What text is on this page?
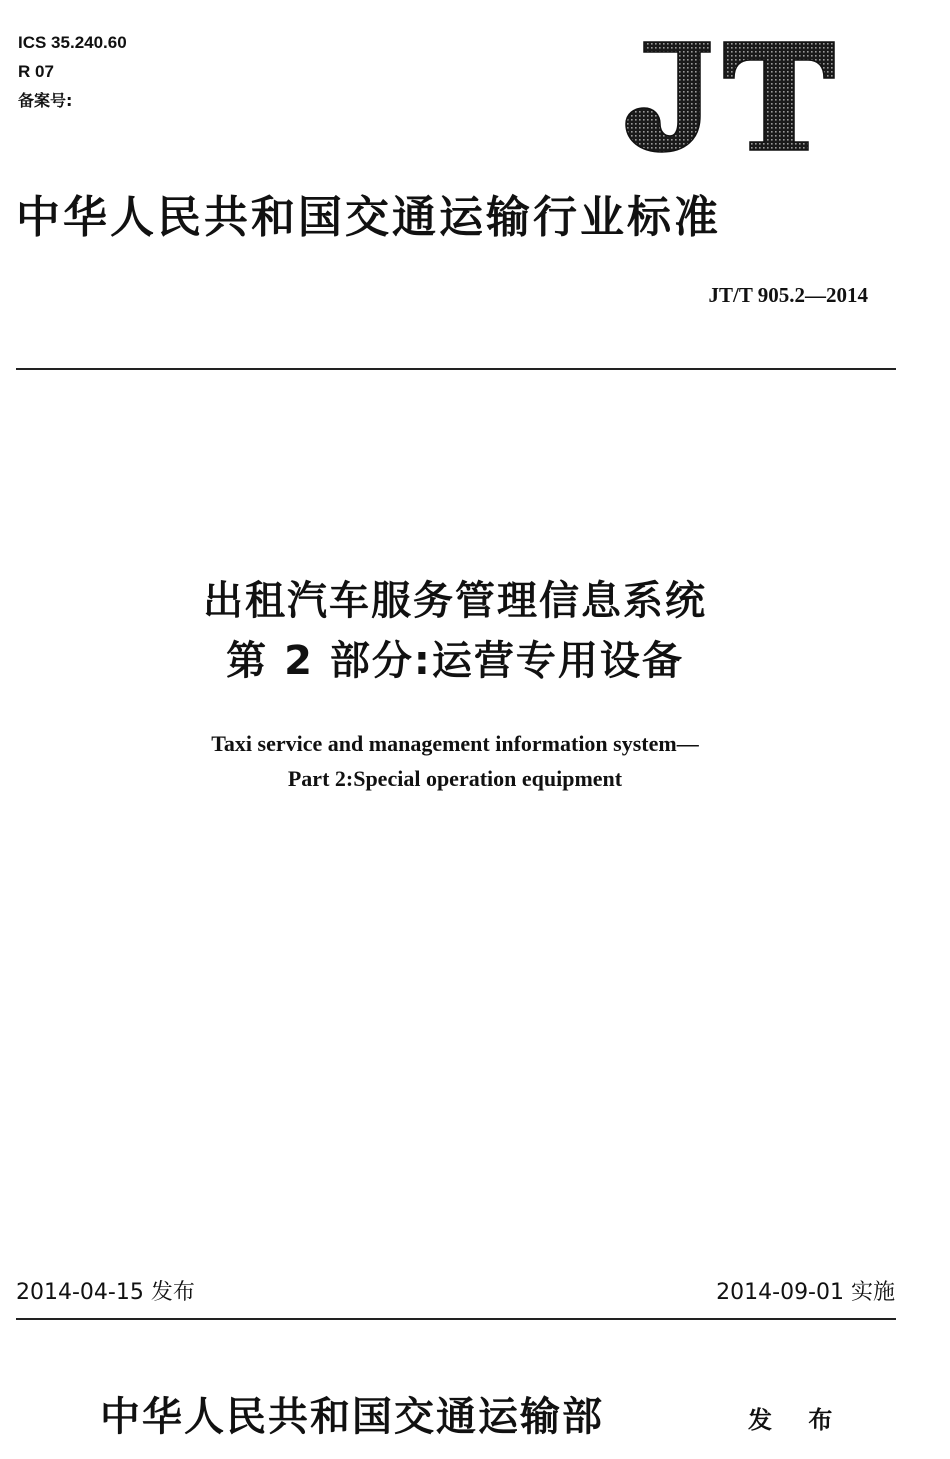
ICS 35.240.60
R 07
备案号:
中华人民共和国交通运输行业标准
JT/T 905.2—2014
出租汽车服务管理信息系统
第 2 部分:运营专用设备
Taxi service and management information system—
Part 2:Special operation equipment
2014-04-15 发布	2014-09-01 实施
中华人民共和国交通运输部	发 布
